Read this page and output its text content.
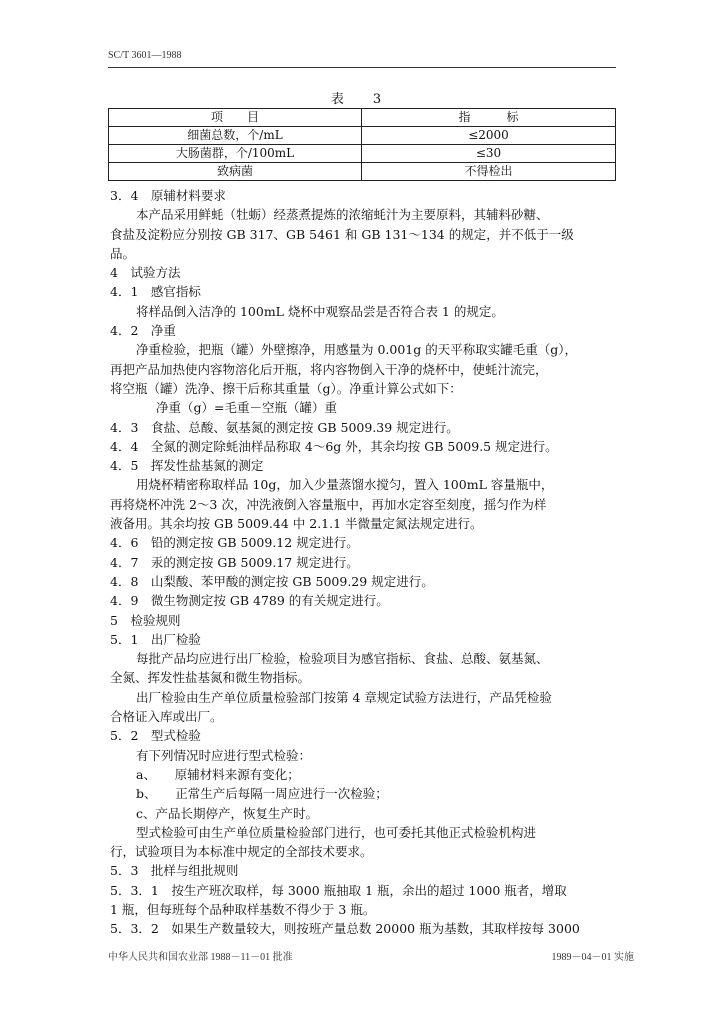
SC/T 3601—1988
表　3
项　　目	指　　　标
细菌总数，个/mL	≤2000
大肠菌群，个/100mL	≤30
致病菌	不得检出

3．4　原辅材料要求

本产品采用鲜蚝（牡蛎）经蒸煮提炼的浓缩蚝汁为主要原料，其辅料砂糖、

食盐及淀粉应分别按 GB 317、GB 5461 和 GB 131～134 的规定，并不低于一级

品。

4　试验方法

4．1　感官指标

将样品倒入洁净的 100mL 烧杯中观察品尝是否符合表 1 的规定。

4．2　净重

净重检验，把瓶（罐）外壁擦净，用感量为 0.001g 的天平称取实罐毛重（g），

再把产品加热使内容物溶化后开瓶，将内容物倒入干净的烧杯中，使蚝汁流完，

将空瓶（罐）洗净、擦干后称其重量（g）。净重计算公式如下：

净重（g）=毛重－空瓶（罐）重

4．3　食盐、总酸、氨基氮的测定按 GB 5009.39 规定进行。

4．4　全氮的测定除蚝油样品称取 4～6g 外，其余均按 GB 5009.5 规定进行。

4．5　挥发性盐基氮的测定

用烧杯精密称取样品 10g，加入少量蒸馏水搅匀，置入 100mL 容量瓶中，

再将烧杯冲洗 2～3 次，冲洗液倒入容量瓶中，再加水定容至刻度，摇匀作为样

液备用。其余均按 GB 5009.44 中 2.1.1 半微量定氮法规定进行。

4．6　铅的测定按 GB 5009.12 规定进行。

4．7　汞的测定按 GB 5009.17 规定进行。

4．8　山梨酸、苯甲酸的测定按 GB 5009.29 规定进行。

4．9　微生物测定按 GB 4789 的有关规定进行。

5　检验规则

5．1　出厂检验

每批产品均应进行出厂检验，检验项目为感官指标、食盐、总酸、氨基氮、

全氮、挥发性盐基氮和微生物指标。

出厂检验由生产单位质量检验部门按第 4 章规定试验方法进行，产品凭检验

合格证入库或出厂。

5．2　型式检验

有下列情况时应进行型式检验：

a、　　原辅材料来源有变化；

b、　　正常生产后每隔一周应进行一次检验；

c、产品长期停产，恢复生产时。

型式检验可由生产单位质量检验部门进行，也可委托其他正式检验机构进

行，试验项目为本标准中规定的全部技术要求。

5．3　批样与组批规则

5．3．1　按生产班次取样，每 3000 瓶抽取 1 瓶，余出的超过 1000 瓶者，增取

1 瓶，但每班每个品种取样基数不得少于 3 瓶。

5．3．2　如果生产数量较大，则按班产量总数 20000 瓶为基数，其取样按每 3000

中华人民共和国农业部 1988－11－01 批准	1989－04－01 实施
